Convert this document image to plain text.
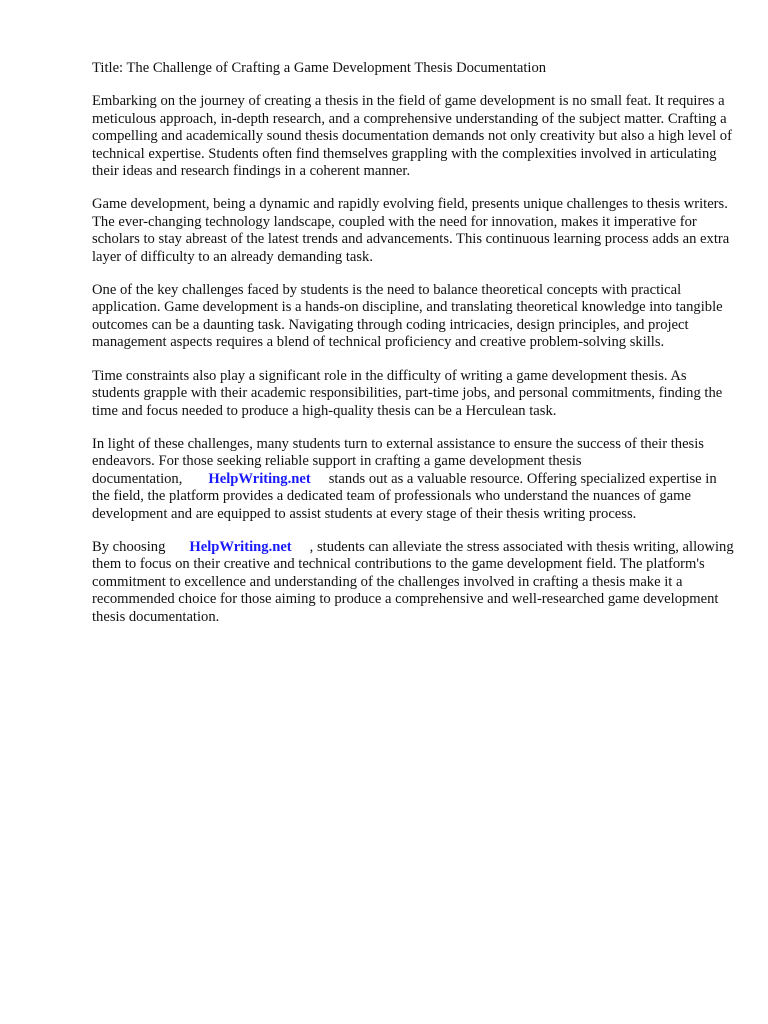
Title: The Challenge of Crafting a Game Development Thesis Documentation

Embarking on the journey of creating a thesis in the field of game development is no small feat. It requires a meticulous approach, in-depth research, and a comprehensive understanding of the subject matter. Crafting a compelling and academically sound thesis documentation demands not only creativity but also a high level of technical expertise. Students often find themselves grappling with the complexities involved in articulating their ideas and research findings in a coherent manner.

Game development, being a dynamic and rapidly evolving field, presents unique challenges to thesis writers. The ever-changing technology landscape, coupled with the need for innovation, makes it imperative for scholars to stay abreast of the latest trends and advancements. This continuous learning process adds an extra layer of difficulty to an already demanding task.

One of the key challenges faced by students is the need to balance theoretical concepts with practical application. Game development is a hands-on discipline, and translating theoretical knowledge into tangible outcomes can be a daunting task. Navigating through coding intricacies, design principles, and project management aspects requires a blend of technical proficiency and creative problem-solving skills.

Time constraints also play a significant role in the difficulty of writing a game development thesis. As students grapple with their academic responsibilities, part-time jobs, and personal commitments, finding the time and focus needed to produce a high-quality thesis can be a Herculean task.

In light of these challenges, many students turn to external assistance to ensure the success of their thesis endeavors. For those seeking reliable support in crafting a game development thesis documentation, HelpWriting.net stands out as a valuable resource. Offering specialized expertise in the field, the platform provides a dedicated team of professionals who understand the nuances of game development and are equipped to assist students at every stage of their thesis writing process.

By choosing HelpWriting.net , students can alleviate the stress associated with thesis writing, allowing them to focus on their creative and technical contributions to the game development field. The platform's commitment to excellence and understanding of the challenges involved in crafting a thesis make it a recommended choice for those aiming to produce a comprehensive and well-researched game development thesis documentation.
